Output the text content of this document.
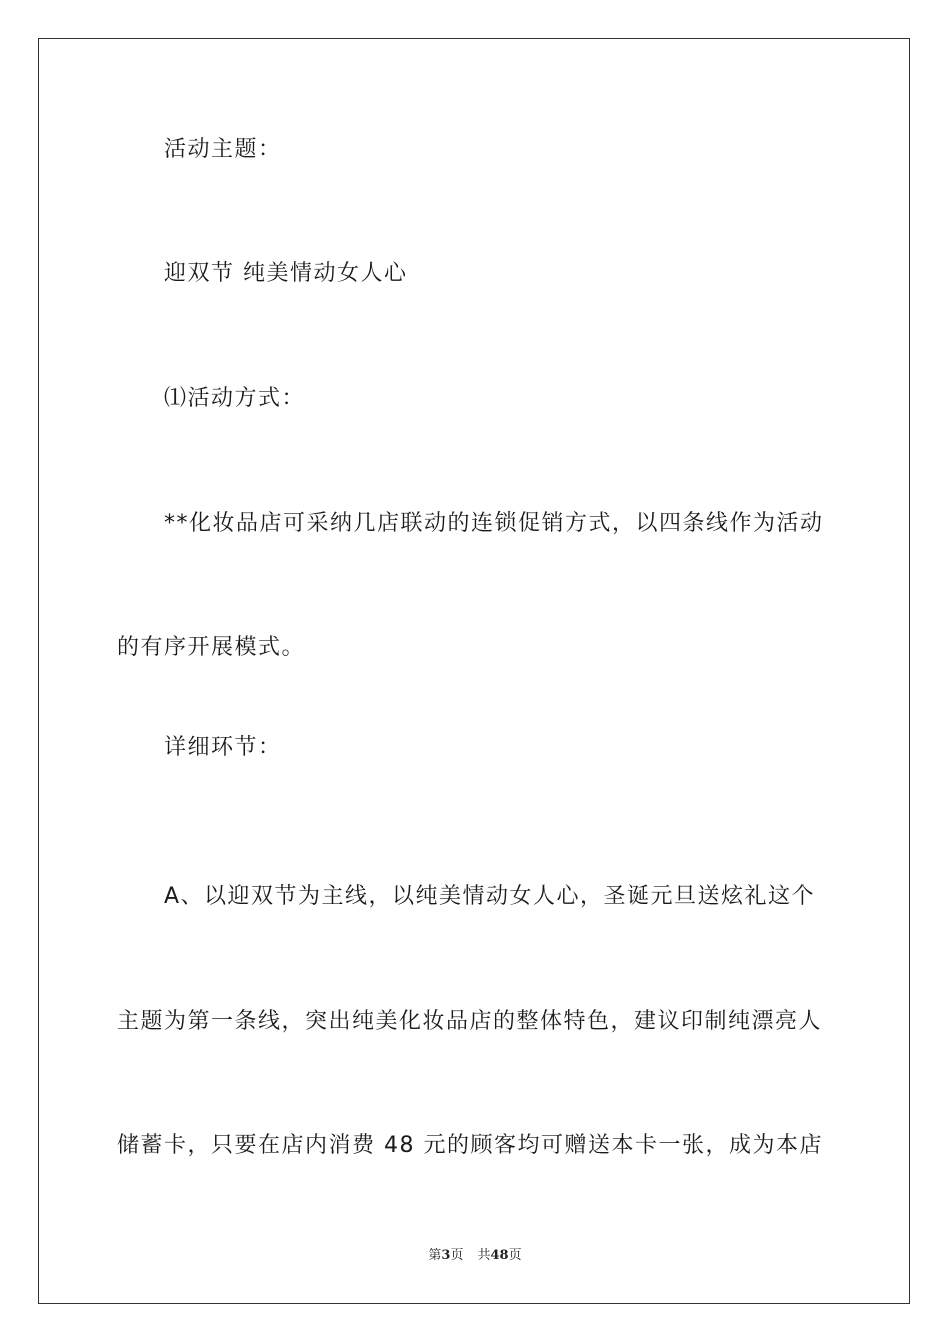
活动主题：
迎双节 纯美情动女人心
⑴活动方式：
**化妆品店可采纳几店联动的连锁促销方式，以四条线作为活动
的有序开展模式。
详细环节：
A、以迎双节为主线，以纯美情动女人心，圣诞元旦送炫礼这个
主题为第一条线，突出纯美化妆品店的整体特色，建议印制纯漂亮人
储蓄卡，只要在店内消费 48 元的顾客均可赠送本卡一张，成为本店
第3页 共48页
